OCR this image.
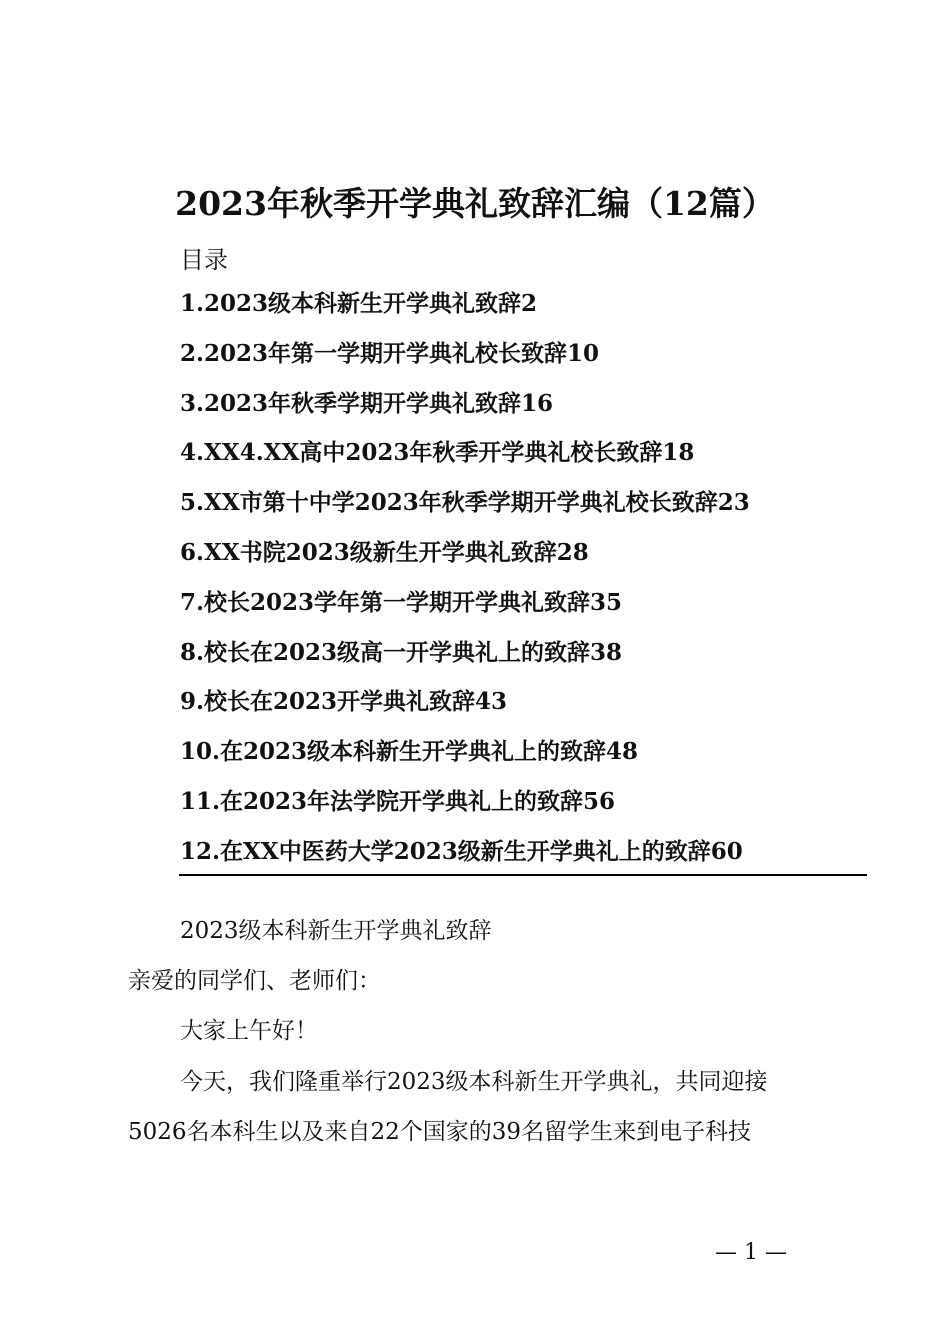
2023年秋季开学典礼致辞汇编（12篇）
目录
1.2023级本科新生开学典礼致辞2
2.2023年第一学期开学典礼校长致辞10
3.2023年秋季学期开学典礼致辞16
4.XX4.XX高中2023年秋季开学典礼校长致辞18
5.XX市第十中学2023年秋季学期开学典礼校长致辞23
6.XX书院2023级新生开学典礼致辞28
7.校长2023学年第一学期开学典礼致辞35
8.校长在2023级高一开学典礼上的致辞38
9.校长在2023开学典礼致辞43
10.在2023级本科新生开学典礼上的致辞48
11.在2023年法学院开学典礼上的致辞56
12.在XX中医药大学2023级新生开学典礼上的致辞60
2023级本科新生开学典礼致辞
亲爱的同学们、老师们：
大家上午好！
今天，我们隆重举行2023级本科新生开学典礼，共同迎接
5026名本科生以及来自22个国家的39名留学生来到电子科技
— 1 —
